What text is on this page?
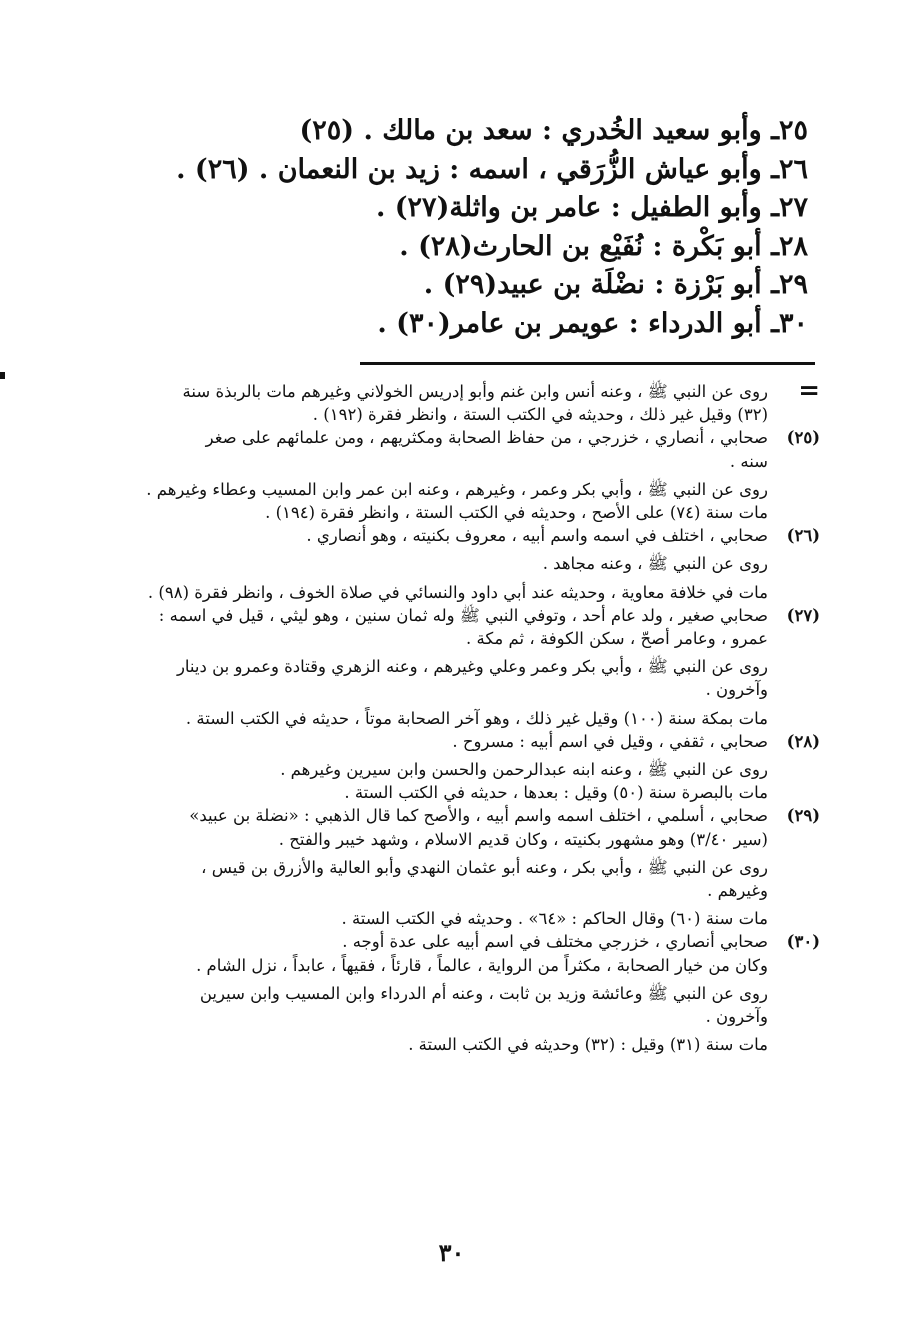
٢٥ـ وأبو سعيد الخُدري : سعد بن مالك . (٢٥)
٢٦ـ وأبو عياش الزُّرَقي ، اسمه : زيد بن النعمان . (٢٦) .
٢٧ـ وأبو الطفيل : عامر بن واثلة(٢٧) .
٢٨ـ أبو بَكْرة : نُفَيْع بن الحارث(٢٨) .
٢٩ـ أبو بَرْزة : نضْلَة بن عبيد(٢٩) .
٣٠ـ أبو الدرداء : عويمر بن عامر(٣٠) .
=
روى عن النبي ﷺ ، وعنه أنس وابن غنم وأبو إدريس الخولاني وغيرهم مات بالربذة سنة
(٣٢) وقيل غير ذلك ، وحديثه في الكتب الستة ، وانظر فقرة (١٩٢) .
(٢٥)
صحابي ، أنصاري ، خزرجي ، من حفاظ الصحابة ومكثريهم ، ومن علمائهم على صغر
سنه .
روى عن النبي ﷺ ، وأبي بكر وعمر ، وغيرهم ، وعنه ابن عمر وابن المسيب وعطاء وغيرهم .
مات سنة (٧٤) على الأصح ، وحديثه في الكتب الستة ، وانظر فقرة (١٩٤) .
(٢٦)
صحابي ، اختلف في اسمه واسم أبيه ، معروف بكنيته ، وهو أنصاري .
روى عن النبي ﷺ ، وعنه مجاهد .
مات في خلافة معاوية ، وحديثه عند أبي داود والنسائي في صلاة الخوف ، وانظر فقرة (٩٨) .
(٢٧)
صحابي صغير ، ولد عام أحد ، وتوفي النبي ﷺ وله ثمان سنين ، وهو ليثي ، قيل في اسمه :
عمرو ، وعامر أصحّ ، سكن الكوفة ، ثم مكة .
روى عن النبي ﷺ ، وأبي بكر وعمر وعلي وغيرهم ، وعنه الزهري وقتادة وعمرو بن دينار
وآخرون .
مات بمكة سنة (١٠٠) وقيل غير ذلك ، وهو آخر الصحابة موتاً ، حديثه في الكتب الستة .
(٢٨)
صحابي ، ثقفي ، وقيل في اسم أبيه : مسروح .
روى عن النبي ﷺ ، وعنه ابنه عبدالرحمن والحسن وابن سيرين وغيرهم .
مات بالبصرة سنة (٥٠) وقيل : بعدها ، حديثه في الكتب الستة .
(٢٩)
صحابي ، أسلمي ، اختلف اسمه واسم أبيه ، والأصح كما قال الذهبي : «نضلة بن عبيد»
(سير ٣/٤٠) وهو مشهور بكنيته ، وكان قديم الاسلام ، وشهد خيبر والفتح .
روى عن النبي ﷺ ، وأبي بكر ، وعنه أبو عثمان النهدي وأبو العالية والأزرق بن قيس ،
وغيرهم .
مات سنة (٦٠) وقال الحاكم : «٦٤» . وحديثه في الكتب الستة .
(٣٠)
صحابي أنصاري ، خزرجي مختلف في اسم أبيه على عدة أوجه .
وكان من خيار الصحابة ، مكثراً من الرواية ، عالماً ، قارئاً ، فقيهاً ، عابداً ، نزل الشام .
روى عن النبي ﷺ وعائشة وزيد بن ثابت ، وعنه أم الدرداء وابن المسيب وابن سيرين
وآخرون .
مات سنة (٣١) وقيل : (٣٢) وحديثه في الكتب الستة .
٣٠
